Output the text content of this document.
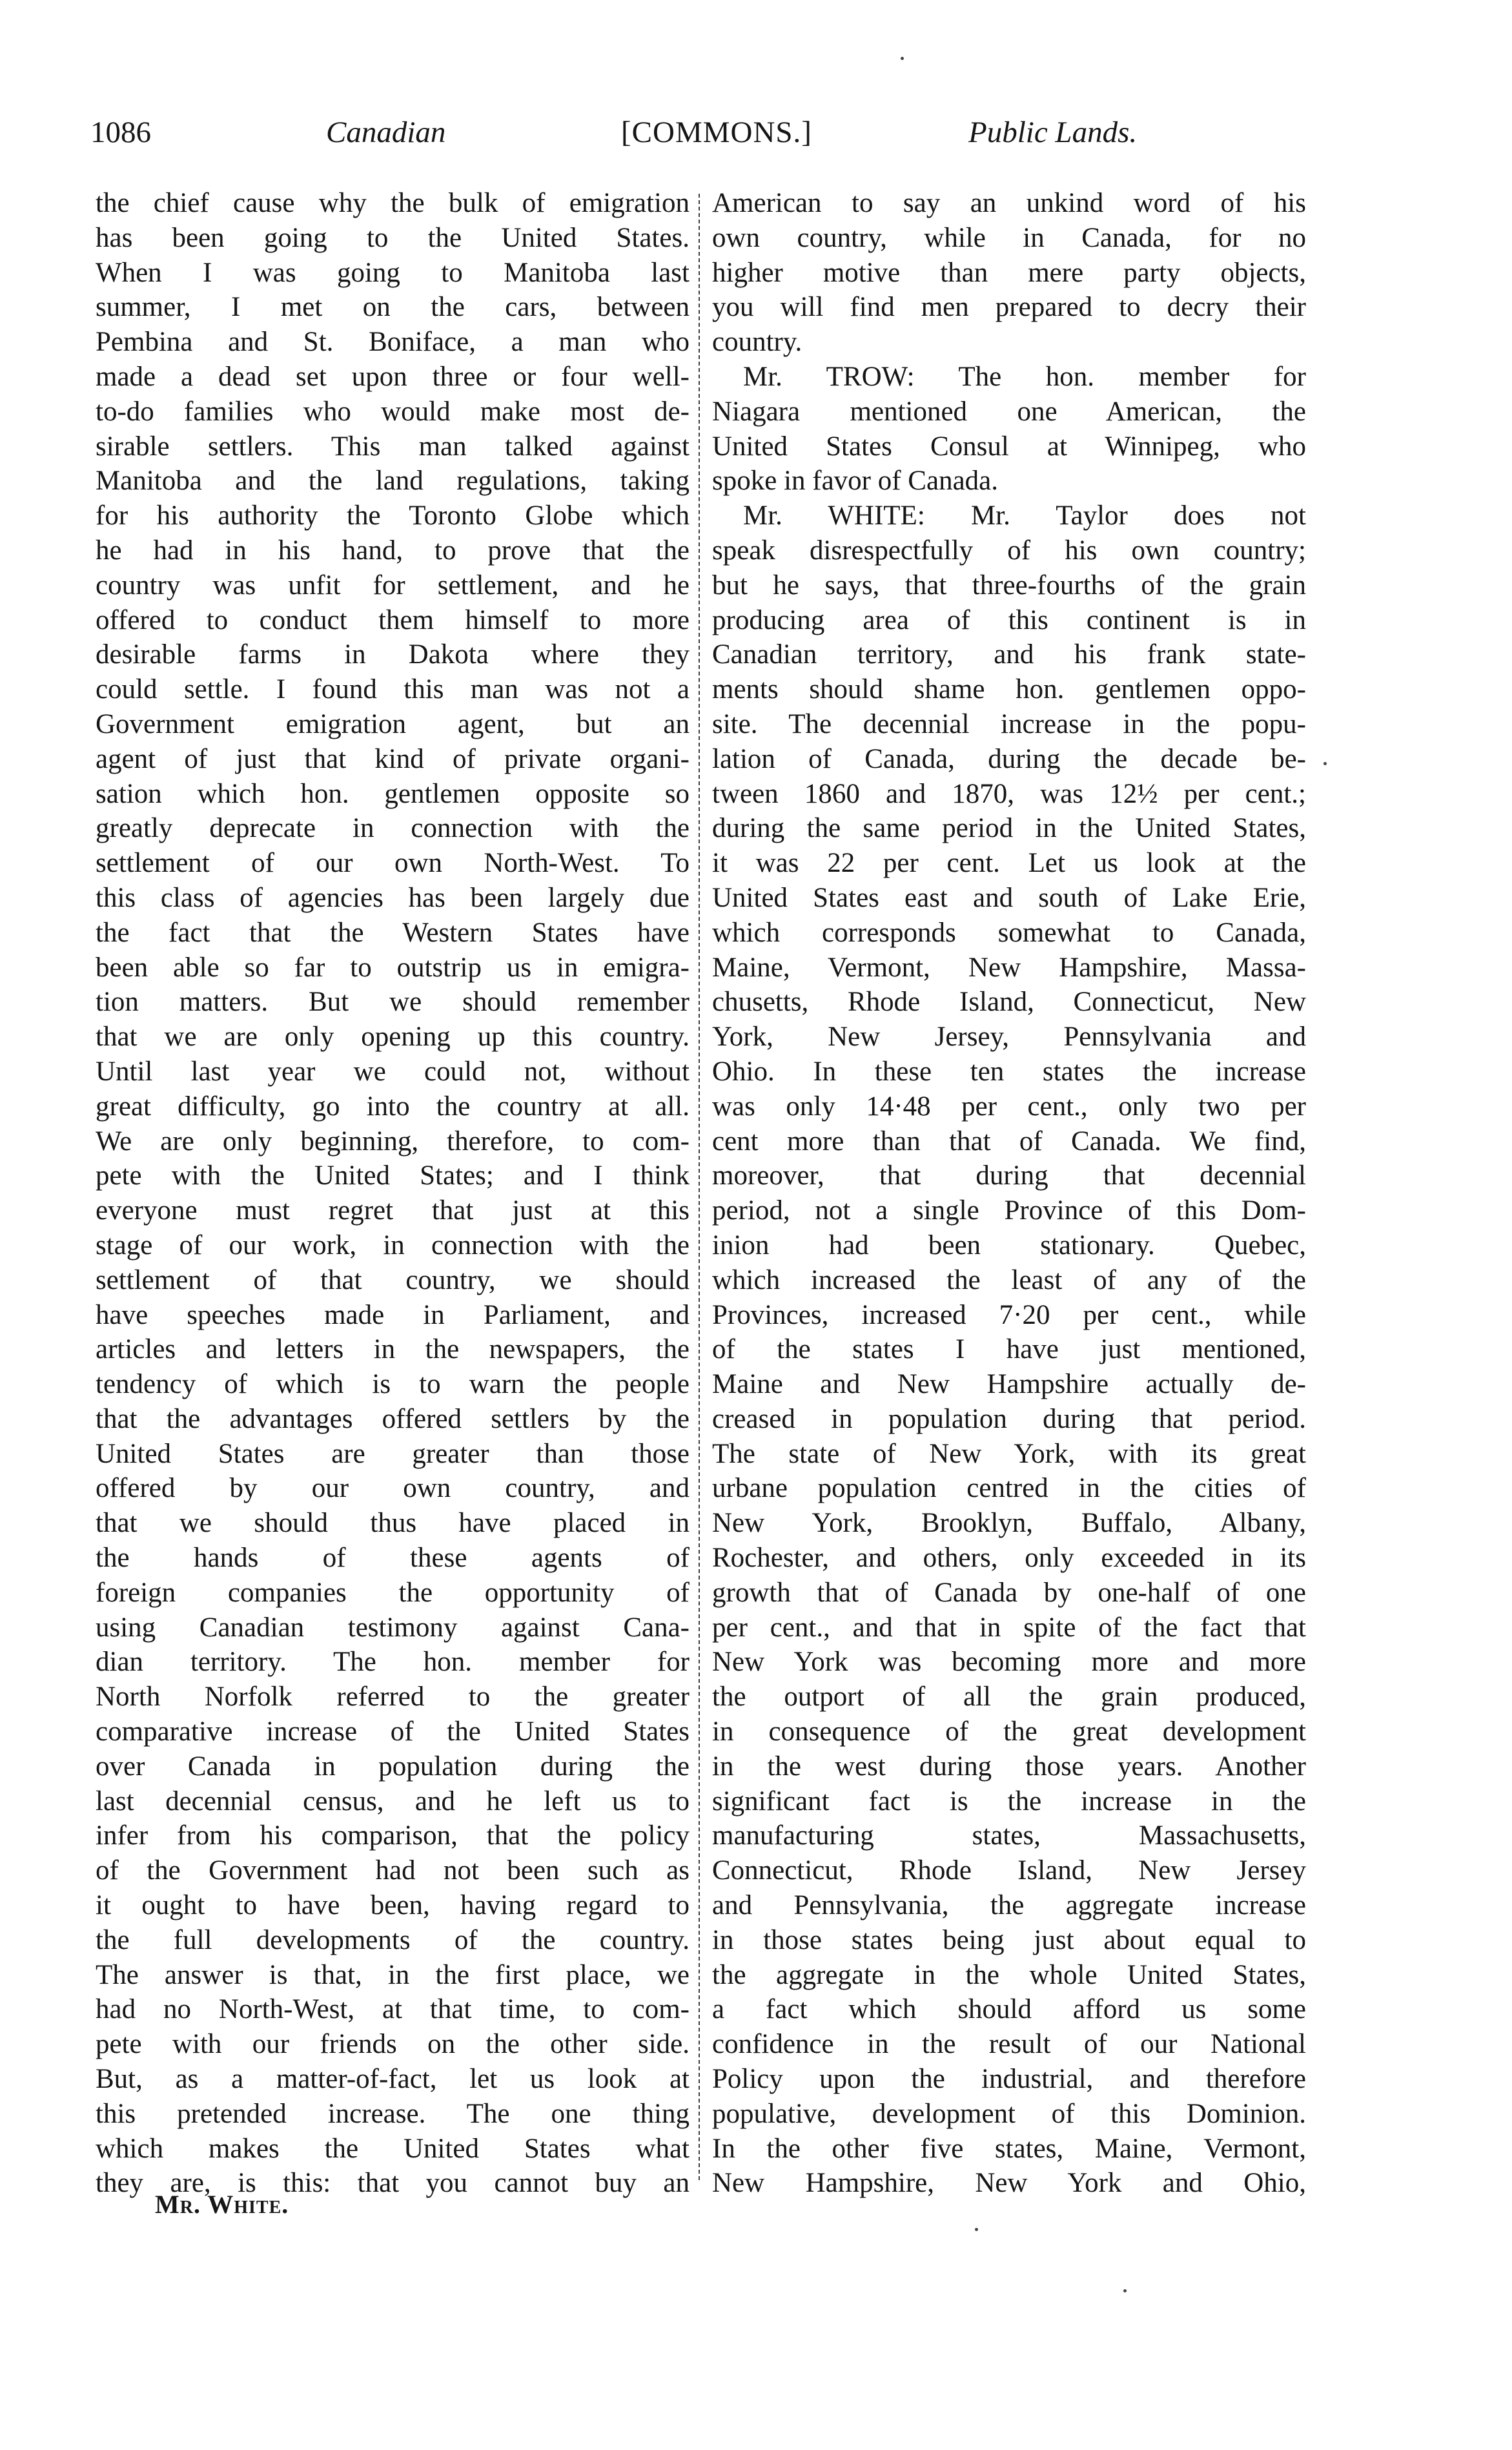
1086	Canadian	[COMMONS.]	Public Lands.
the chief cause why the bulk of emigration
has been going to the United States.
When I was going to Manitoba last
summer, I met on the cars, between
Pembina and St. Boniface, a man who
made a dead set upon three or four well-
to-do families who would make most de-
sirable settlers. This man talked against
Manitoba and the land regulations, taking
for his authority the Toronto Globe which
he had in his hand, to prove that the
country was unfit for settlement, and he
offered to conduct them himself to more
desirable farms in Dakota where they
could settle. I found this man was not a
Government emigration agent, but an
agent of just that kind of private organi-
sation which hon. gentlemen opposite so
greatly deprecate in connection with the
settlement of our own North-West. To
this class of agencies has been largely due
the fact that the Western States have
been able so far to outstrip us in emigra-
tion matters. But we should remember
that we are only opening up this country.
Until last year we could not, without
great difficulty, go into the country at all.
We are only beginning, therefore, to com-
pete with the United States; and I think
everyone must regret that just at this
stage of our work, in connection with the
settlement of that country, we should
have speeches made in Parliament, and
articles and letters in the newspapers, the
tendency of which is to warn the people
that the advantages offered settlers by the
United States are greater than those
offered by our own country, and
that we should thus have placed in
the hands of these agents of
foreign companies the opportunity of
using Canadian testimony against Cana-
dian territory. The hon. member for
North Norfolk referred to the greater
comparative increase of the United States
over Canada in population during the
last decennial census, and he left us to
infer from his comparison, that the policy
of the Government had not been such as
it ought to have been, having regard to
the full developments of the country.
The answer is that, in the first place, we
had no North-West, at that time, to com-
pete with our friends on the other side.
But, as a matter-of-fact, let us look at
this pretended increase. The one thing
which makes the United States what
they are, is this: that you cannot buy an
American to say an unkind word of his
own country, while in Canada, for no
higher motive than mere party objects,
you will find men prepared to decry their
country.
Mr. TROW: The hon. member for
Niagara mentioned one American, the
United States Consul at Winnipeg, who
spoke in favor of Canada.
Mr. WHITE: Mr. Taylor does not
speak disrespectfully of his own country;
but he says, that three-fourths of the grain
producing area of this continent is in
Canadian territory, and his frank state-
ments should shame hon. gentlemen oppo-
site. The decennial increase in the popu-
lation of Canada, during the decade be-
tween 1860 and 1870, was 12½ per cent.;
during the same period in the United States,
it was 22 per cent. Let us look at the
United States east and south of Lake Erie,
which corresponds somewhat to Canada,
Maine, Vermont, New Hampshire, Massa-
chusetts, Rhode Island, Connecticut, New
York, New Jersey, Pennsylvania and
Ohio. In these ten states the increase
was only 14·48 per cent., only two per
cent more than that of Canada. We find,
moreover, that during that decennial
period, not a single Province of this Dom-
inion had been stationary. Quebec,
which increased the least of any of the
Provinces, increased 7·20 per cent., while
of the states I have just mentioned,
Maine and New Hampshire actually de-
creased in population during that period.
The state of New York, with its great
urbane population centred in the cities of
New York, Brooklyn, Buffalo, Albany,
Rochester, and others, only exceeded in its
growth that of Canada by one-half of one
per cent., and that in spite of the fact that
New York was becoming more and more
the outport of all the grain produced,
in consequence of the great development
in the west during those years. Another
significant fact is the increase in the
manufacturing states, Massachusetts,
Connecticut, Rhode Island, New Jersey
and Pennsylvania, the aggregate increase
in those states being just about equal to
the aggregate in the whole United States,
a fact which should afford us some
confidence in the result of our National
Policy upon the industrial, and therefore
populative, development of this Dominion.
In the other five states, Maine, Vermont,
New Hampshire, New York and Ohio,
Mr. White.
